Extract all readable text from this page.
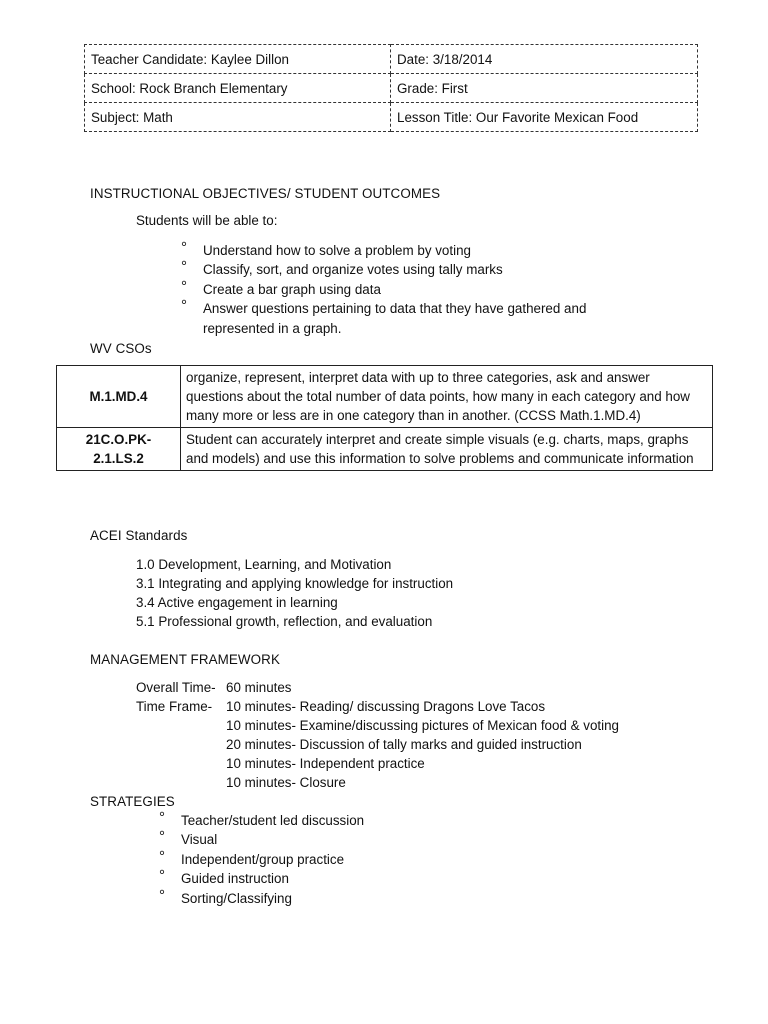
Teacher Candidate: Kaylee Dillon	Date: 3/18/2014
School: Rock Branch Elementary	Grade: First
Subject: Math	Lesson Title: Our Favorite Mexican Food
INSTRUCTIONAL OBJECTIVES/ STUDENT OUTCOMES
Students will be able to:
° Understand how to solve a problem by voting
° Classify, sort, and organize votes using tally marks
° Create a bar graph using data
° Answer questions pertaining to data that they have gathered and represented in a graph.
WV CSOs
M.1.MD.4	organize, represent, interpret data with up to three categories, ask and answer questions about the total number of data points, how many in each category and how many more or less are in one category than in another. (CCSS Math.1.MD.4)
21C.O.PK-2.1.LS.2	Student can accurately interpret and create simple visuals (e.g. charts, maps, graphs and models) and use this information to solve problems and communicate information
ACEI Standards
1.0 Development, Learning, and Motivation
3.1 Integrating and applying knowledge for instruction
3.4 Active engagement in learning
5.1 Professional growth, reflection, and evaluation
MANAGEMENT FRAMEWORK
Overall Time- 60 minutes
Time Frame- 10 minutes- Reading/ discussing Dragons Love Tacos
10 minutes- Examine/discussing pictures of Mexican food & voting
20 minutes- Discussion of tally marks and guided instruction
10 minutes- Independent practice
10 minutes- Closure
STRATEGIES
° Teacher/student led discussion
° Visual
° Independent/group practice
° Guided instruction
° Sorting/Classifying
